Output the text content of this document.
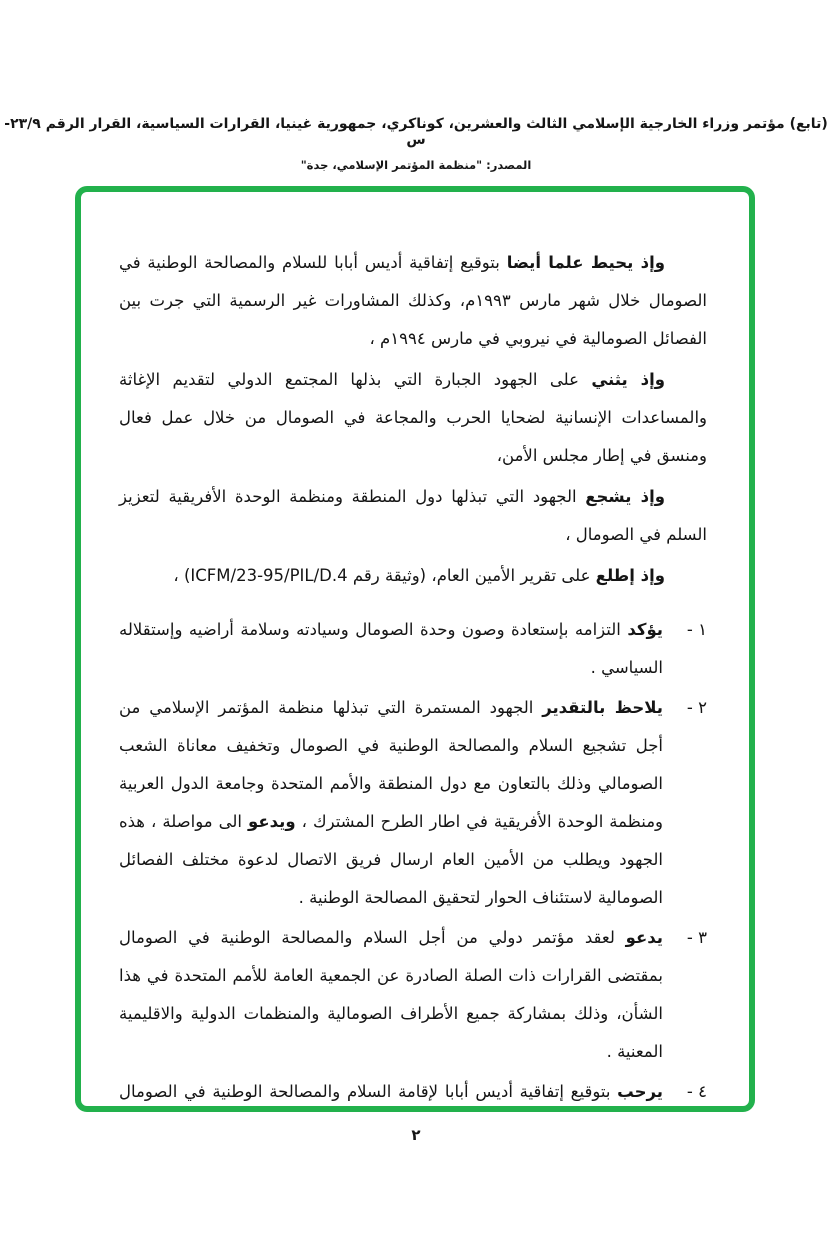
(تابع) مؤتمر وزراء الخارجية الإسلامي الثالث والعشرين، كوناكري، جمهورية غينيا، القرارات السياسية، القرار الرقم ٢٣/٩-س
المصدر: "منظمة المؤتمر الإسلامي، جدة"

وإذ يحيط علما أيضا بتوقيع إتفاقية أديس أبابا للسلام والمصالحة الوطنية في الصومال خلال شهر مارس ١٩٩٣م، وكذلك المشاورات غير الرسمية التي جرت بين الفصائل الصومالية في نيروبي في مارس ١٩٩٤م ،

وإذ يثني على الجهود الجبارة التي بذلها المجتمع الدولي لتقديم الإغاثة والمساعدات الإنسانية لضحايا الحرب والمجاعة في الصومال من خلال عمل فعال ومنسق في إطار مجلس الأمن،

وإذ يشجع الجهود التي تبذلها دول المنطقة ومنظمة الوحدة الأفريقية لتعزيز السلم في الصومال ،

وإذ إطلع على تقرير الأمين العام، (وثيقة رقم ICFM/23-95/PIL/D.4) ،

١ -
يؤكد التزامه بإستعادة وصون وحدة الصومال وسيادته وسلامة أراضيه وإستقلاله السياسي .
٢ -
يلاحظ بالتقدير الجهود المستمرة التي تبذلها منظمة المؤتمر الإسلامي من أجل تشجيع السلام والمصالحة الوطنية في الصومال وتخفيف معاناة الشعب الصومالي وذلك بالتعاون مع دول المنطقة والأمم المتحدة وجامعة الدول العربية ومنظمة الوحدة الأفريقية في اطار الطرح المشترك ، ويدعو الى مواصلة ، هذه الجهود ويطلب من الأمين العام ارسال فريق الاتصال لدعوة مختلف الفصائل الصومالية لاستئناف الحوار لتحقيق المصالحة الوطنية .
٣ -
يدعو لعقد مؤتمر دولي من أجل السلام والمصالحة الوطنية في الصومال بمقتضى القرارات ذات الصلة الصادرة عن الجمعية العامة للأمم المتحدة في هذا الشأن، وذلك بمشاركة جميع الأطراف الصومالية والمنظمات الدولية والاقليمية المعنية .
٤ -
يرحب بتوقيع إتفاقية أديس أبابا لإقامة السلام والمصالحة الوطنية في الصومال
٢
